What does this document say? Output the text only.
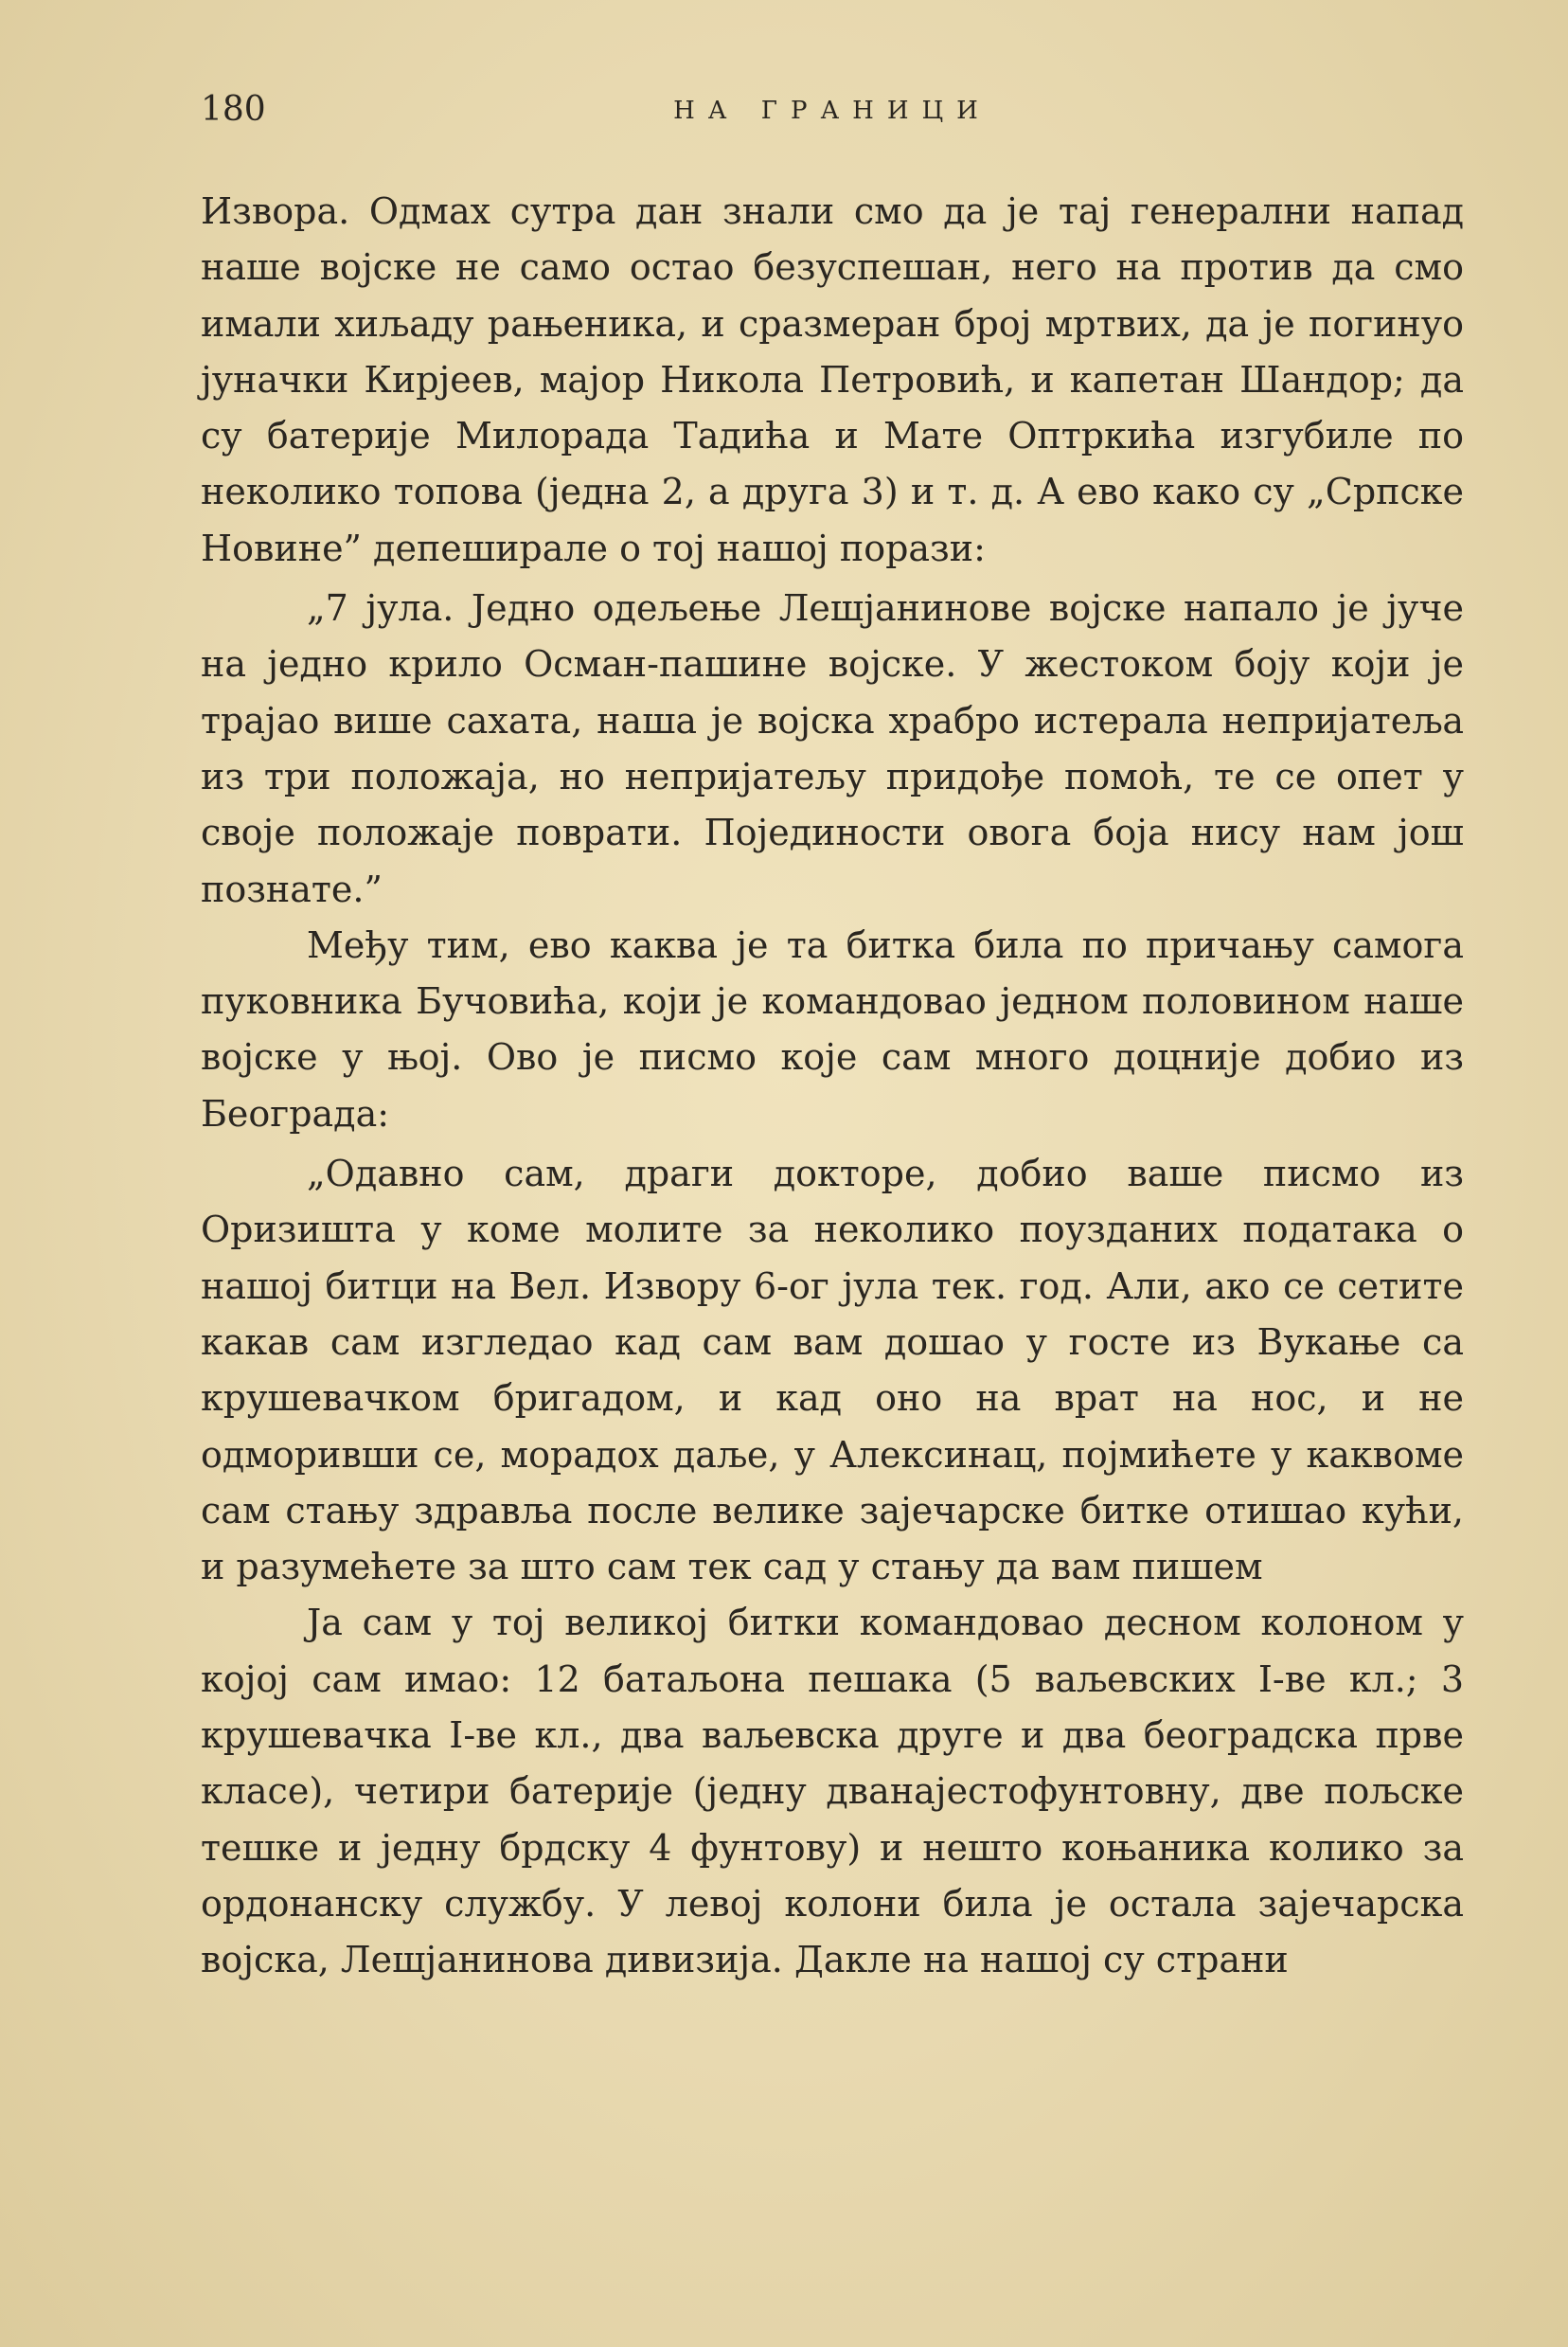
180	НА ГРАНИЦИ

Извора. Одмах сутра дан знали смо да је тај генерални напад наше војске не само остао безуспешан, него на против да смо имали хиљаду рањеника, и сразмеран број мртвих, да је погинуо јуначки Кирјеев, мајор Никола Петровић, и капетан Шандор; да су батерије Милорада Тадића и Мате Оптркића изгубиле по неколико топова (једна 2, а друга 3) и т. д. А ево како су „Српске Новине” депеширале о тој нашој порази:

„7 јула. Једно одељење Лешјанинове војске напало је јуче на једно крило Осман-пашине војске. У жестоком боју који је трајао више сахата, наша је војска храбро истерала непријатеља из три положаја, но непријатељу придође помоћ, те се опет у своје положаје поврати. Појединости овога боја нису нам још познате.”

Међу тим, ево каква је та битка била по причању самога пуковника Бучовића, који је командовао једном половином наше војске у њој. Ово је писмо које сам много доцније добио из Београда:

„Одавно сам, драги докторе, добио ваше писмо из Оризишта у коме молите за неколико поузданих података о нашој битци на Вел. Извору 6-ог јула тек. год. Али, ако се сетите какав сам изгледао кад сам вам дошао у госте из Вукање са крушевачком бригадом, и кад оно на врат на нос, и не одморивши се, морадох даље, у Алексинац, појмићете у каквоме сам стању здравља после велике зајечарске битке отишао кући, и разумећете за што сам тек сад у стању да вам пишем

Ја сам у тој великој битки командовао десном колоном у којој сам имао: 12 батаљона пешака (5 ваљевских I-ве кл.; 3 крушевачка I-ве кл., два ваљевска друге и два београдска прве класе), четири батерије (једну дванајестофунтовну, две пољске тешке и једну брдску 4 фунтову) и нешто коњаника колико за ордонанску службу. У левој колони била је остала зајечарска војска, Лешјанинова дивизија. Дакле на нашој су страни
